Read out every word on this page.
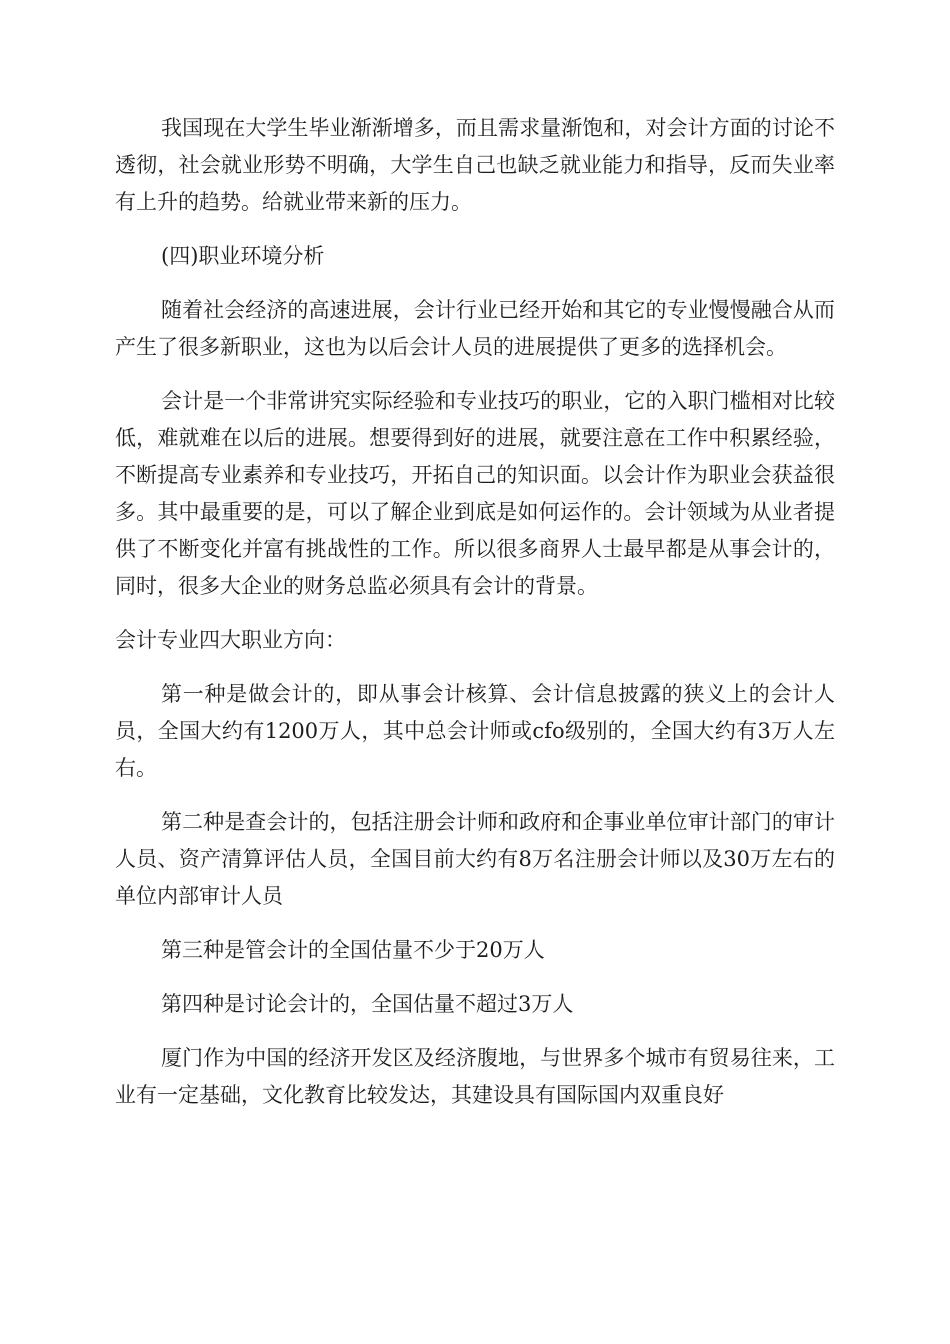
我国现在大学生毕业渐渐增多，而且需求量渐饱和，对会计方面的讨论不透彻，社会就业形势不明确，大学生自己也缺乏就业能力和指导，反而失业率有上升的趋势。给就业带来新的压力。

(四)职业环境分析

随着社会经济的高速进展，会计行业已经开始和其它的专业慢慢融合从而产生了很多新职业，这也为以后会计人员的进展提供了更多的选择机会。

会计是一个非常讲究实际经验和专业技巧的职业，它的入职门槛相对比较低，难就难在以后的进展。想要得到好的进展，就要注意在工作中积累经验，不断提高专业素养和专业技巧，开拓自己的知识面。以会计作为职业会获益很多。其中最重要的是，可以了解企业到底是如何运作的。会计领域为从业者提供了不断变化并富有挑战性的工作。所以很多商界人士最早都是从事会计的，同时，很多大企业的财务总监必须具有会计的背景。

会计专业四大职业方向：

第一种是做会计的，即从事会计核算、会计信息披露的狭义上的会计人员，全国大约有1200万人，其中总会计师或cfo级别的，全国大约有3万人左右。

第二种是查会计的，包括注册会计师和政府和企事业单位审计部门的审计人员、资产清算评估人员，全国目前大约有8万名注册会计师以及30万左右的单位内部审计人员

第三种是管会计的全国估量不少于20万人

第四种是讨论会计的，全国估量不超过3万人

厦门作为中国的经济开发区及经济腹地，与世界多个城市有贸易往来，工业有一定基础，文化教育比较发达，其建设具有国际国内双重良好
